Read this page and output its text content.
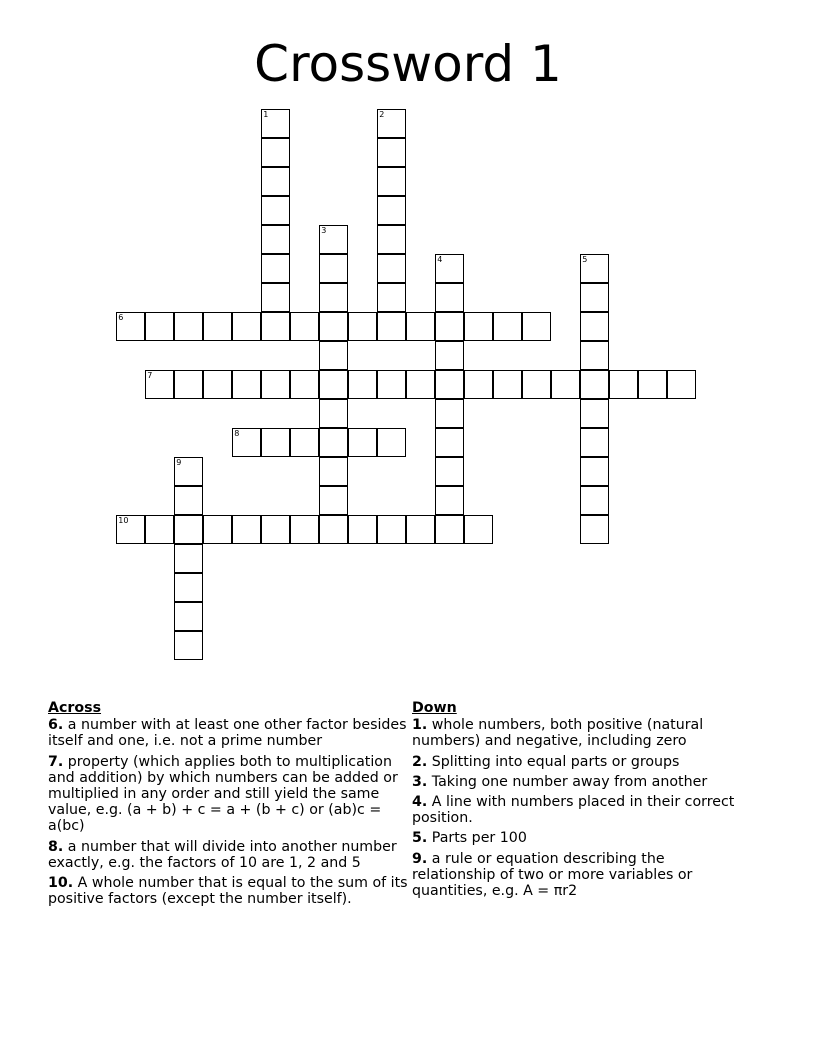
Crossword 1
1	2
3
4	5
6
7
8
9
10
Across
6. a number with at least one other factor besides itself and one, i.e. not a prime number
7. property (which applies both to multiplication and addition) by which numbers can be added or multiplied in any order and still yield the same value, e.g. (a + b) + c = a + (b + c) or (ab)c = a(bc)
8. a number that will divide into another number exactly, e.g. the factors of 10 are 1, 2 and 5
10. A whole number that is equal to the sum of its positive factors (except the number itself).
Down
1. whole numbers, both positive (natural numbers) and negative, including zero
2. Splitting into equal parts or groups
3. Taking one number away from another
4. A line with numbers placed in their correct position.
5. Parts per 100
9. a rule or equation describing the relationship of two or more variables or quantities, e.g. A = πr2
